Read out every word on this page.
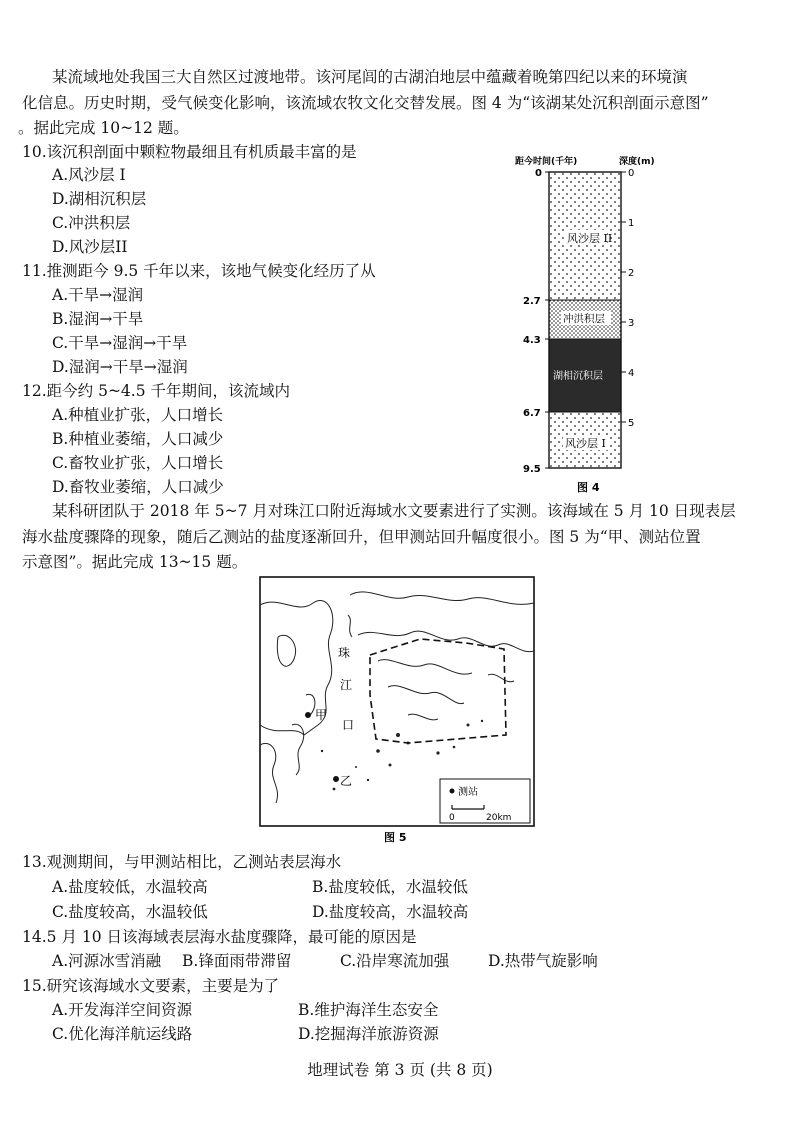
某流域地处我国三大自然区过渡地带。该河尾闾的古湖泊地层中蕴藏着晚第四纪以来的环境演
化信息。历史时期，受气候变化影响，该流域农牧文化交替发展。图 4 为“该湖某处沉积剖面示意图”
。据此完成 10~12 题。
10.该沉积剖面中颗粒物最细且有机质最丰富的是
A.风沙层 I
D.湖相沉积层
C.冲洪积层
D.风沙层II
11.推测距今 9.5 千年以来，该地气候变化经历了从
A.干旱→湿润
B.湿润→干旱
C.干旱→湿润→干旱
D.湿润→干旱→湿润
12.距今约 5~4.5 千年期间，该流域内
A.种植业扩张，人口增长
B.种植业萎缩，人口减少
C.畜牧业扩张，人口增长
D.畜牧业萎缩，人口减少
距今时间(千年)	深度(m)
风沙层 II
冲洪积层
湖相沉积层
风沙层 I
0
2.7
4.3
6.7
9.5
0
1
2
3
4
5
图 4
某科研团队于 2018 年 5~7 月对珠江口附近海域水文要素进行了实测。该海域在 5 月 10 日现表层
海水盐度骤降的现象，随后乙测站的盐度逐渐回升，但甲测站回升幅度很小。图 5 为“甲、测站位置
示意图”。据此完成 13~15 题。
珠
江
口
甲
乙
测站
0	20km
图 5
13.观测期间，与甲测站相比，乙测站表层海水
A.盐度较低，水温较高	B.盐度较低，水温较低
C.盐度较高，水温较低	D.盐度较高，水温较高
14.5 月 10 日该海域表层海水盐度骤降，最可能的原因是
A.河源冰雪消融 B.锋面雨带滞留	C.沿岸寒流加强	D.热带气旋影响
15.研究该海域水文要素，主要是为了
A.开发海洋空间资源	B.维护海洋生态安全
C.优化海洋航运线路	D.挖掘海洋旅游资源
地理试卷 第 3 页 (共 8 页)
